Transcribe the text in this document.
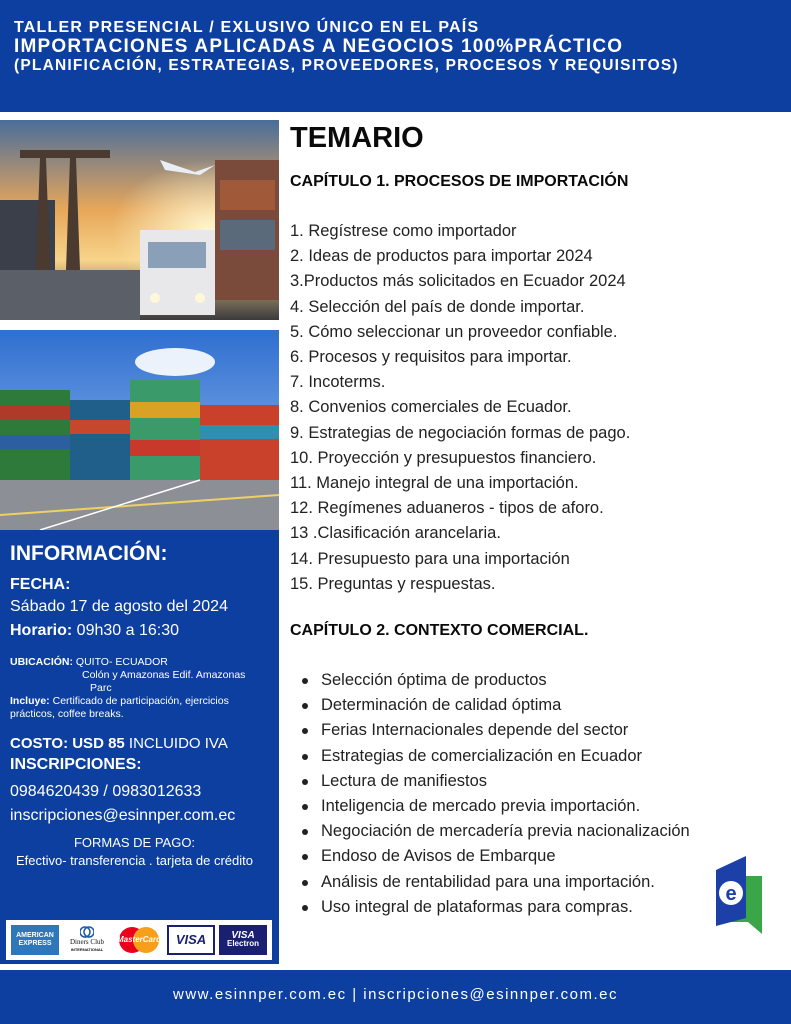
TALLER PRESENCIAL / EXLUSIVO ÚNICO EN EL PAÍS
IMPORTACIONES APLICADAS A NEGOCIOS 100%PRÁCTICO
(PLANIFICACIÓN, ESTRATEGIAS, PROVEEDORES, PROCESOS Y REQUISITOS)
INFORMACIÓN:
FECHA:
Sábado 17 de agosto del 2024
Horario: 09h30 a 16:30
UBICACIÓN: QUITO- ECUADOR
Colón y Amazonas Edif. Amazonas
Parc
Incluye: Certificado de participación, ejercicios prácticos, coffee breaks.
COSTO: USD 85 INCLUIDO IVA
INSCRIPCIONES:
0984620439 / 0983012633
inscripciones@esinnper.com.ec
FORMAS DE PAGO:
Efectivo- transferencia . tarjeta de crédito
AMERICAN EXPRESS	Diners Club
INTERNATIONAL
MasterCard	VISA	VISA
Electron
TEMARIO
CAPÍTULO 1. PROCESOS DE IMPORTACIÓN
1. Regístrese como importador
2. Ideas de productos para importar 2024
3.Productos más solicitados en Ecuador 2024
4. Selección del país de donde importar.
5. Cómo seleccionar un proveedor confiable.
6. Procesos y requisitos para importar.
7. Incoterms.
8. Convenios comerciales de Ecuador.
9. Estrategias de negociación formas de pago.
10. Proyección y presupuestos financiero.
11. Manejo integral de una importación.
12. Regímenes aduaneros - tipos de aforo.
13 .Clasificación arancelaria.
14. Presupuesto para una importación
15. Preguntas y respuestas.
CAPÍTULO 2. CONTEXTO COMERCIAL.
Selección óptima de productos
Determinación de calidad óptima
Ferias Internacionales depende del sector
Estrategias de comercialización en Ecuador
Lectura de manifiestos
Inteligencia de mercado previa importación.
Negociación de mercadería previa nacionalización
Endoso de Avisos de Embarque
Análisis de rentabilidad para una importación.
Uso integral de plataformas para compras.
e
www.esinnper.com.ec | inscripciones@esinnper.com.ec
